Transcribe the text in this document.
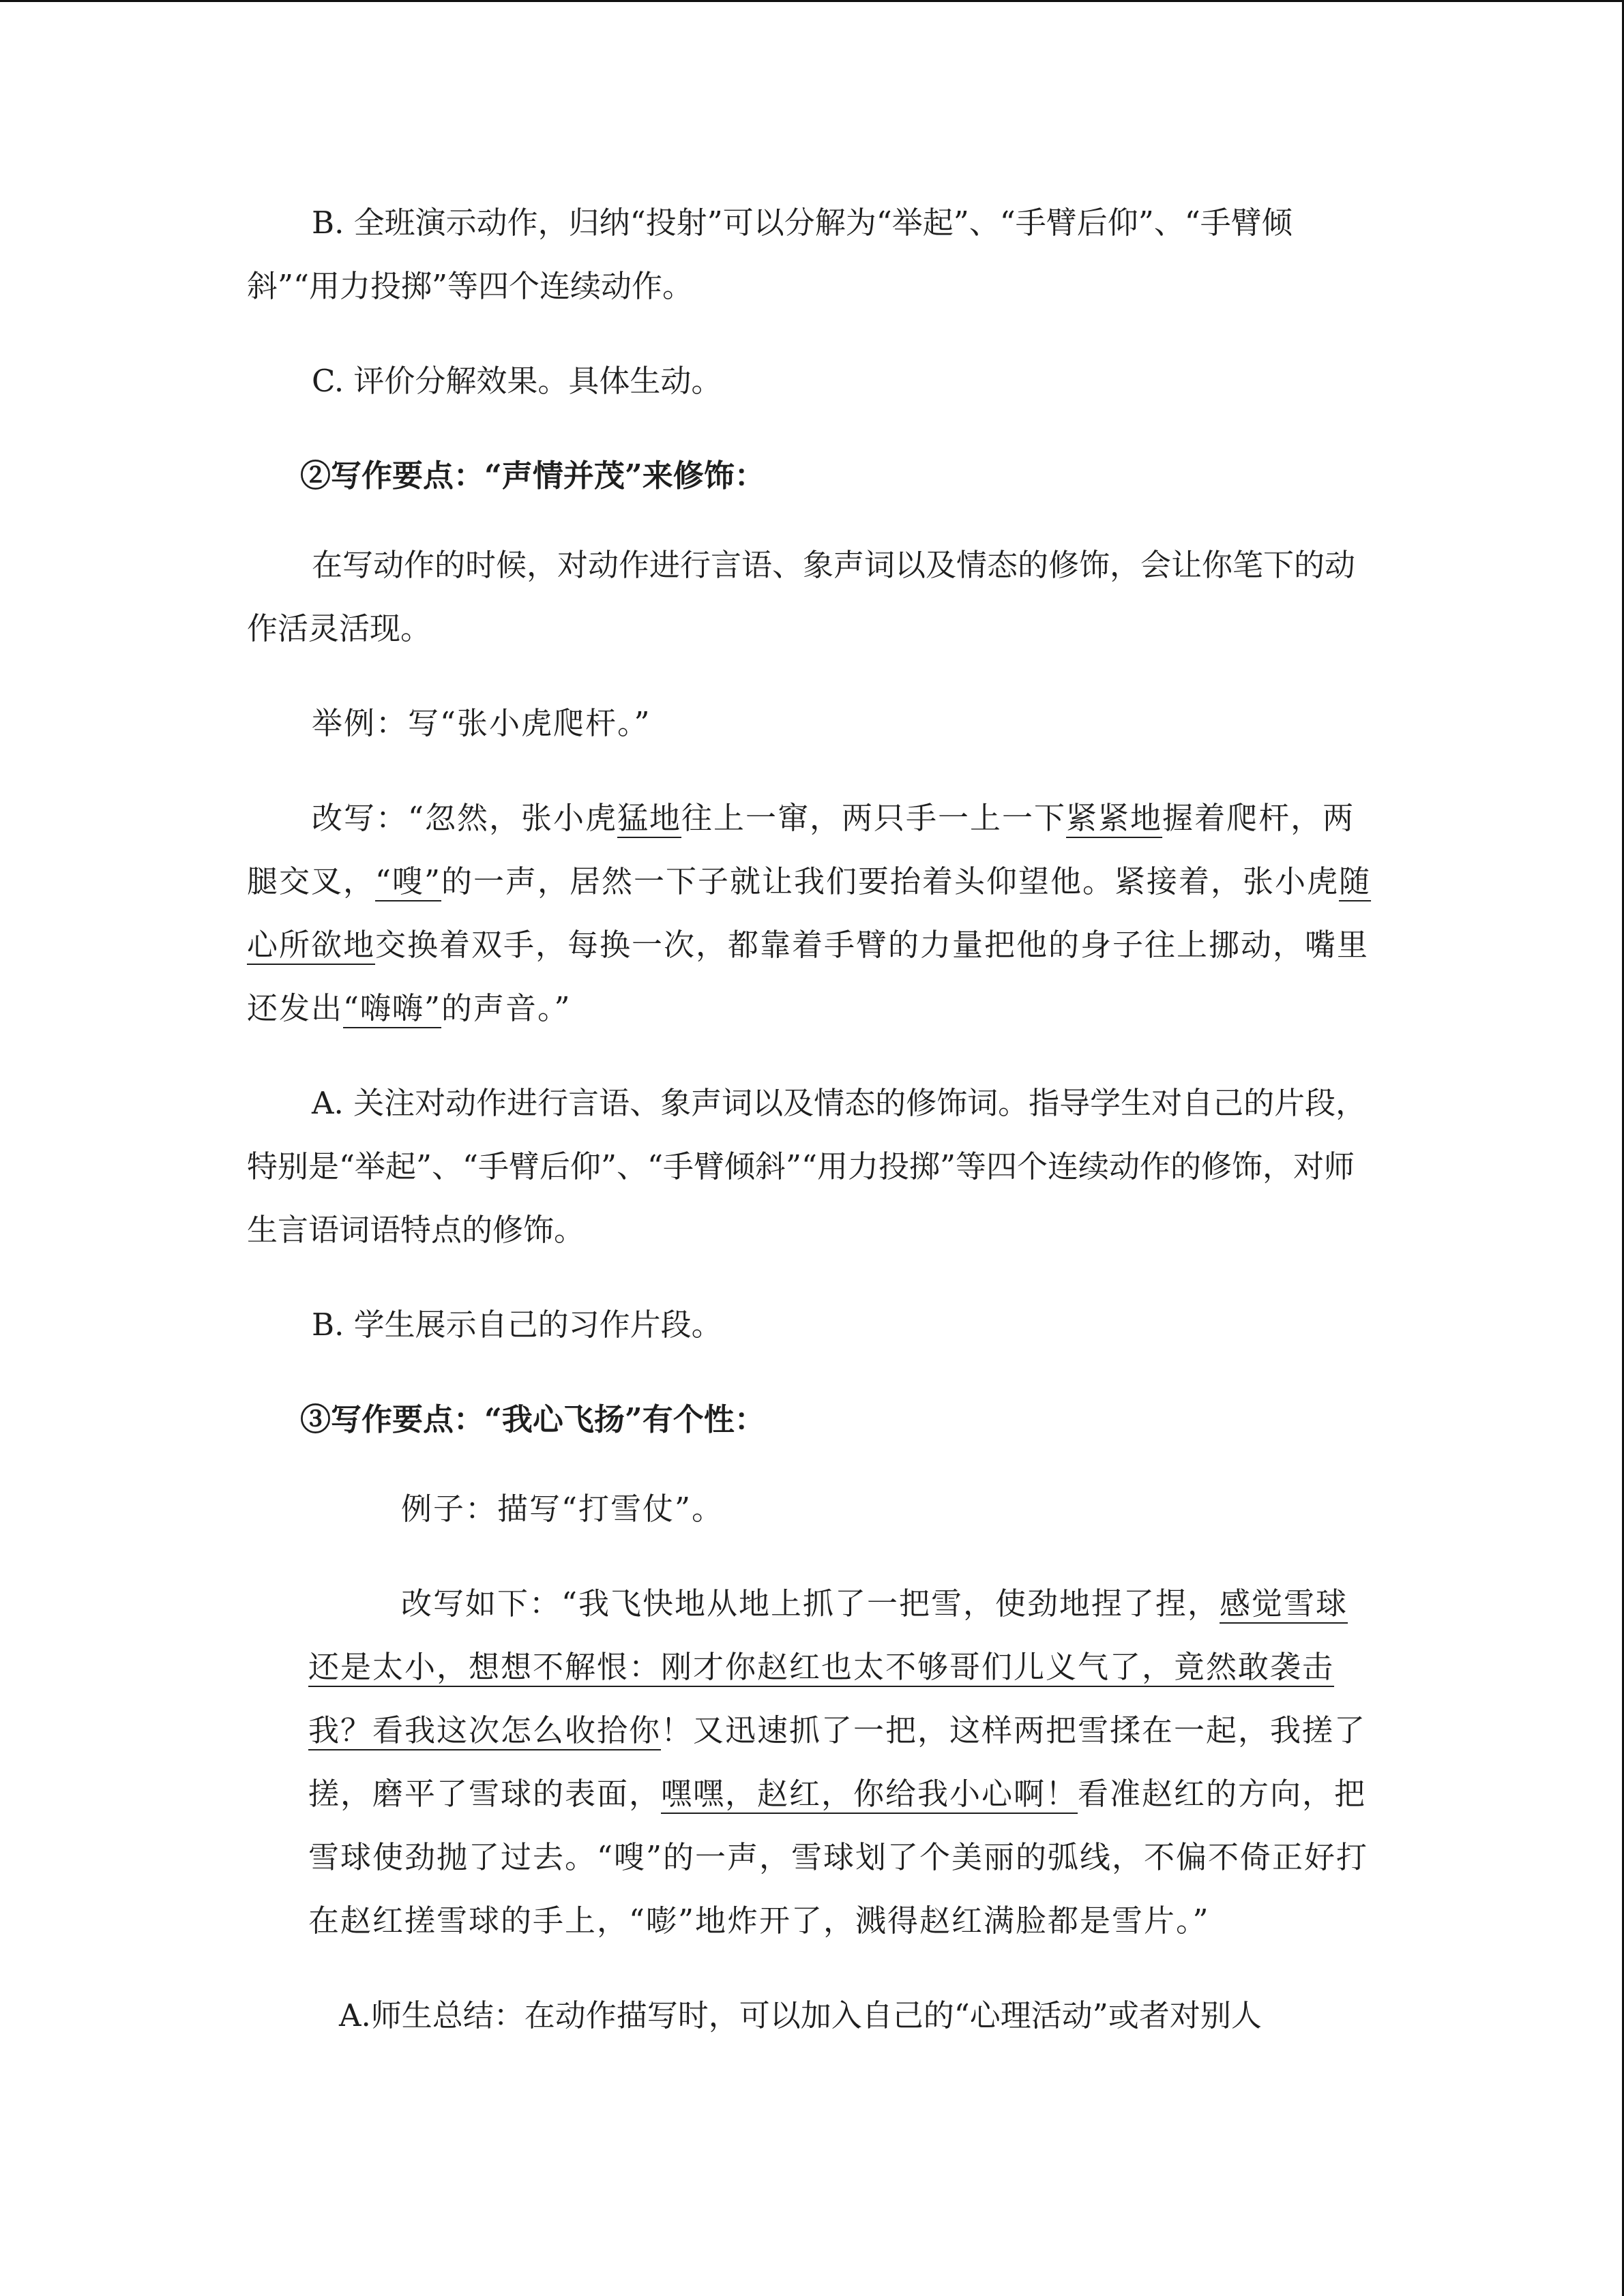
B. 全班演示动作，归纳“投射”可以分解为“举起”、“手臂后仰”、“手臂倾斜”“用力投掷”等四个连续动作。

C. 评价分解效果。具体生动。

②写作要点：“声情并茂”来修饰：

在写动作的时候，对动作进行言语、象声词以及情态的修饰，会让你笔下的动作活灵活现。

举例：写“张小虎爬杆。”

改写：“忽然，张小虎猛地往上一窜，两只手一上一下紧紧地握着爬杆，两腿交叉，“嗖”的一声，居然一下子就让我们要抬着头仰望他。紧接着，张小虎随心所欲地交换着双手，每换一次，都靠着手臂的力量把他的身子往上挪动，嘴里还发出“嗨嗨”的声音。”

A. 关注对动作进行言语、象声词以及情态的修饰词。指导学生对自己的片段，特别是“举起”、“手臂后仰”、“手臂倾斜”“用力投掷”等四个连续动作的修饰，对师生言语词语特点的修饰。

B. 学生展示自己的习作片段。

③写作要点：“我心飞扬”有个性：

例子：描写“打雪仗”。

改写如下：“我飞快地从地上抓了一把雪，使劲地捏了捏，感觉雪球还是太小，想想不解恨：刚才你赵红也太不够哥们儿义气了，竟然敢袭击我？看我这次怎么收拾你！又迅速抓了一把，这样两把雪揉在一起，我搓了搓，磨平了雪球的表面，嘿嘿，赵红，你给我小心啊！看准赵红的方向，把雪球使劲抛了过去。“嗖”的一声，雪球划了个美丽的弧线，不偏不倚正好打在赵红搓雪球的手上，“嘭”地炸开了，溅得赵红满脸都是雪片。”

A.师生总结：在动作描写时，可以加入自己的“心理活动”或者对别人
